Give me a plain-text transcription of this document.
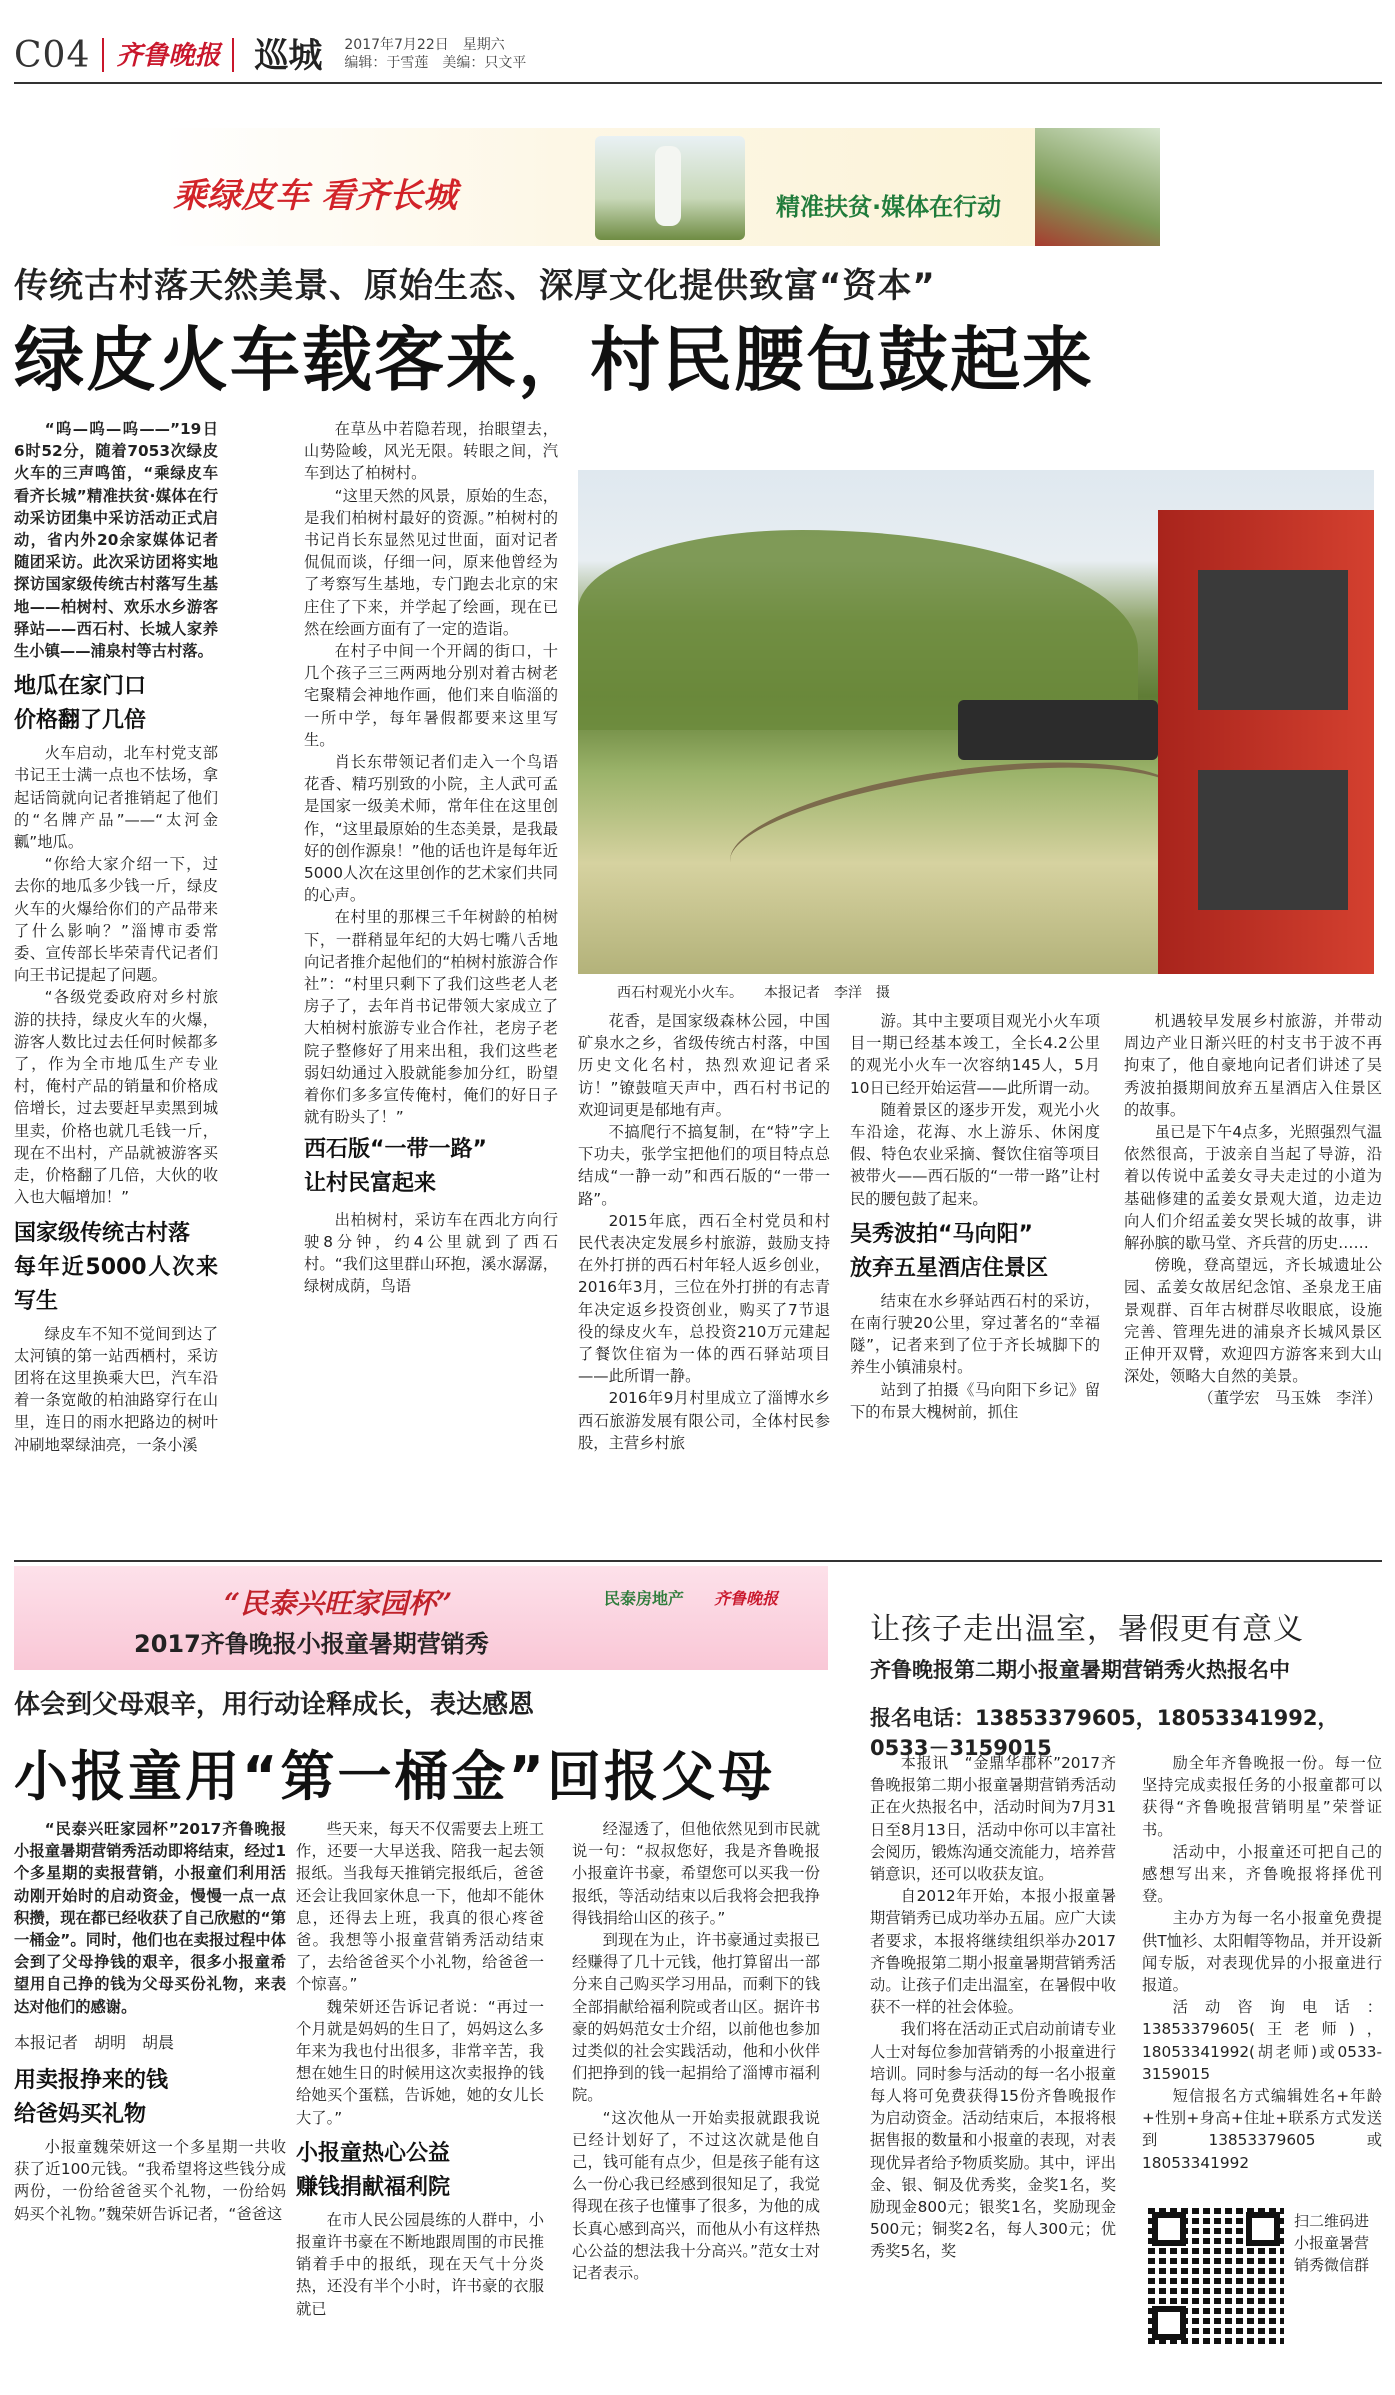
C04 齐鲁晚报 巡城 2017年7月22日　星期六
编辑：于雪莲　美编：只文平
乘绿皮车 看齐长城	精准扶贫·媒体在行动
传统古村落天然美景、原始生态、深厚文化提供致富“资本”
绿皮火车载客来，村民腰包鼓起来

“呜—呜—呜——”19日6时52分，随着7053次绿皮火车的三声鸣笛，“乘绿皮车　看齐长城”精准扶贫·媒体在行动采访团集中采访活动正式启动，省内外20余家媒体记者随团采访。此次采访团将实地探访国家级传统古村落写生基地——柏树村、欢乐水乡游客驿站——西石村、长城人家养生小镇——浦泉村等古村落。

地瓜在家门口
价格翻了几倍

火车启动，北车村党支部书记王士满一点也不怯场，拿起话筒就向记者推销起了他们的“名牌产品”——“太河金瓤”地瓜。

“你给大家介绍一下，过去你的地瓜多少钱一斤，绿皮火车的火爆给你们的产品带来了什么影响？”淄博市委常委、宣传部长毕荣青代记者们向王书记提起了问题。

“各级党委政府对乡村旅游的扶持，绿皮火车的火爆，游客人数比过去任何时候都多了，作为全市地瓜生产专业村，俺村产品的销量和价格成倍增长，过去要赶早卖黑到城里卖，价格也就几毛钱一斤，现在不出村，产品就被游客买走，价格翻了几倍，大伙的收入也大幅增加！”

国家级传统古村落
每年近5000人次来写生

绿皮车不知不觉间到达了太河镇的第一站西栖村，采访团将在这里换乘大巴，汽车沿着一条宽敞的柏油路穿行在山里，连日的雨水把路边的树叶冲刷地翠绿油亮，一条小溪

在草丛中若隐若现，抬眼望去，山势险峻，风光无限。转眼之间，汽车到达了柏树村。

“这里天然的风景，原始的生态，是我们柏树村最好的资源。”柏树村的书记肖长东显然见过世面，面对记者侃侃而谈，仔细一问，原来他曾经为了考察写生基地，专门跑去北京的宋庄住了下来，并学起了绘画，现在已然在绘画方面有了一定的造诣。

在村子中间一个开阔的街口，十几个孩子三三两两地分别对着古树老宅聚精会神地作画，他们来自临淄的一所中学，每年暑假都要来这里写生。

肖长东带领记者们走入一个鸟语花香、精巧别致的小院，主人武可孟是国家一级美术师，常年住在这里创作，“这里最原始的生态美景，是我最好的创作源泉！”他的话也许是每年近5000人次在这里创作的艺术家们共同的心声。

在村里的那棵三千年树龄的柏树下，一群稍显年纪的大妈七嘴八舌地向记者推介起他们的“柏树村旅游合作社”：“村里只剩下了我们这些老人老房子了，去年肖书记带领大家成立了大柏树村旅游专业合作社，老房子老院子整修好了用来出租，我们这些老弱妇幼通过入股就能参加分红，盼望着你们多多宣传俺村，俺们的好日子就有盼头了！”

西石版“一带一路”
让村民富起来

出柏树村，采访车在西北方向行驶8分钟，约4公里就到了西石村。“我们这里群山环抱，溪水潺潺，绿树成荫，鸟语

西石村观光小火车。　　本报记者　李洋　摄

花香，是国家级森林公园，中国矿泉水之乡，省级传统古村落，中国历史文化名村，热烈欢迎记者采访！”镣鼓喧天声中，西石村书记的欢迎词更是郁地有声。

不搞爬行不搞复制，在“特”字上下功夫，张学宝把他们的项目特点总结成“一静一动”和西石版的“一带一路”。

2015年底，西石全村党员和村民代表决定发展乡村旅游，鼓励支持在外打拼的西石村年轻人返乡创业，2016年3月，三位在外打拼的有志青年决定返乡投资创业，购买了7节退役的绿皮火车，总投资210万元建起了餐饮住宿为一体的西石驿站项目——此所谓一静。

2016年9月村里成立了淄博水乡西石旅游发展有限公司，全体村民参股，主营乡村旅

游。其中主要项目观光小火车项目一期已经基本竣工，全长4.2公里的观光小火车一次容纳145人，5月10日已经开始运营——此所谓一动。

随着景区的逐步开发，观光小火车沿途，花海、水上游乐、休闲度假、特色农业采摘、餐饮住宿等项目被带火——西石版的“一带一路”让村民的腰包鼓了起来。

吴秀波拍“马向阳”
放弃五星酒店住景区

结束在水乡驿站西石村的采访，在南行驶20公里，穿过著名的“幸福隧”，记者来到了位于齐长城脚下的养生小镇浦泉村。

站到了拍摄《马向阳下乡记》留下的布景大槐树前，抓住

机遇较早发展乡村旅游，并带动周边产业日渐兴旺的村支书于波不再拘束了，他自豪地向记者们讲述了吴秀波拍摄期间放弃五星酒店入住景区的故事。

虽已是下午4点多，光照强烈气温依然很高，于波亲自当起了导游，沿着以传说中孟姜女寻夫走过的小道为基础修建的孟姜女景观大道，边走边向人们介绍孟姜女哭长城的故事，讲解孙膑的歇马堂、齐兵营的历史……

傍晚，登高望远，齐长城遗址公园、孟姜女故居纪念馆、圣泉龙王庙景观群、百年古树群尽收眼底，设施完善、管理先进的浦泉齐长城风景区正伸开双臂，欢迎四方游客来到大山深处，领略大自然的美景。

（董学宏　马玉姝　李洋）

“民泰兴旺家园杯”
2017齐鲁晚报小报童暑期营销秀
民泰房地产 齐鲁晚报
让孩子走出温室，暑假更有意义
齐鲁晚报第二期小报童暑期营销秀火热报名中
报名电话：13853379605，18053341992，0533－3159015
体会到父母艰辛，用行动诠释成长，表达感恩
小报童用“第一桶金”回报父母

“民泰兴旺家园杯”2017齐鲁晚报小报童暑期营销秀活动即将结束，经过1个多星期的卖报营销，小报童们利用活动刚开始时的启动资金，慢慢一点一点积攒，现在都已经收获了自己欣慰的“第一桶金”。同时，他们也在卖报过程中体会到了父母挣钱的艰辛，很多小报童希望用自己挣的钱为父母买份礼物，来表达对他们的感谢。

本报记者　胡明　胡晨

用卖报挣来的钱
给爸妈买礼物

小报童魏荣妍这一个多星期一共收获了近100元钱。“我希望将这些钱分成两份，一份给爸爸买个礼物，一份给妈妈买个礼物。”魏荣妍告诉记者，“爸爸这

些天来，每天不仅需要去上班工作，还要一大早送我、陪我一起去领报纸。当我每天推销完报纸后，爸爸还会让我回家休息一下，他却不能休息，还得去上班，我真的很心疼爸爸。我想等小报童营销秀活动结束了，去给爸爸买个小礼物，给爸爸一个惊喜。”

魏荣妍还告诉记者说：“再过一个月就是妈妈的生日了，妈妈这么多年来为我也付出很多，非常辛苦，我想在她生日的时候用这次卖报挣的钱给她买个蛋糕，告诉她，她的女儿长大了。”

小报童热心公益
赚钱捐献福利院

在市人民公园晨练的人群中，小报童许书豪在不断地跟周围的市民推销着手中的报纸，现在天气十分炎热，还没有半个小时，许书豪的衣服就已

经湿透了，但他依然见到市民就说一句：“叔叔您好，我是齐鲁晚报小报童许书豪，希望您可以买我一份报纸，等活动结束以后我将会把我挣得钱捐给山区的孩子。”

到现在为止，许书豪通过卖报已经赚得了几十元钱，他打算留出一部分来自己购买学习用品，而剩下的钱全部捐献给福利院或者山区。据许书豪的妈妈范女士介绍，以前他也参加过类似的社会实践活动，他和小伙伴们把挣到的钱一起捐给了淄博市福利院。

“这次他从一开始卖报就跟我说已经计划好了，不过这次就是他自己，钱可能有点少，但是孩子能有这么一份心我已经感到很知足了，我觉得现在孩子也懂事了很多，为他的成长真心感到高兴，而他从小有这样热心公益的想法我十分高兴。”范女士对记者表示。

本报讯　“金鼎华郡杯”2017齐鲁晚报第二期小报童暑期营销秀活动正在火热报名中，活动时间为7月31日至8月13日，活动中你可以丰富社会阅历，锻炼沟通交流能力，培养营销意识，还可以收获友谊。

自2012年开始，本报小报童暑期营销秀已成功举办五届。应广大读者要求，本报将继续组织举办2017齐鲁晚报第二期小报童暑期营销秀活动。让孩子们走出温室，在暑假中收获不一样的社会体验。

我们将在活动正式启动前请专业人士对每位参加营销秀的小报童进行培训。同时参与活动的每一名小报童每人将可免费获得15份齐鲁晚报作为启动资金。活动结束后，本报将根据售报的数量和小报童的表现，对表现优异者给予物质奖励。其中，评出金、银、铜及优秀奖，金奖1名，奖励现金800元；银奖1名，奖励现金500元；铜奖2名，每人300元；优秀奖5名，奖

励全年齐鲁晚报一份。每一位坚持完成卖报任务的小报童都可以获得“齐鲁晚报营销明星”荣誉证书。

活动中，小报童还可把自己的感想写出来，齐鲁晚报将择优刊登。

主办方为每一名小报童免费提供T恤衫、太阳帽等物品，并开设新闻专版，对表现优异的小报童进行报道。

活动咨询电话：13853379605(王老师)，18053341992(胡老师)或0533-3159015

短信报名方式编辑姓名+年龄+性别+身高+住址+联系方式发送到13853379605或18053341992

扫二维码进小报童暑营销秀微信群
